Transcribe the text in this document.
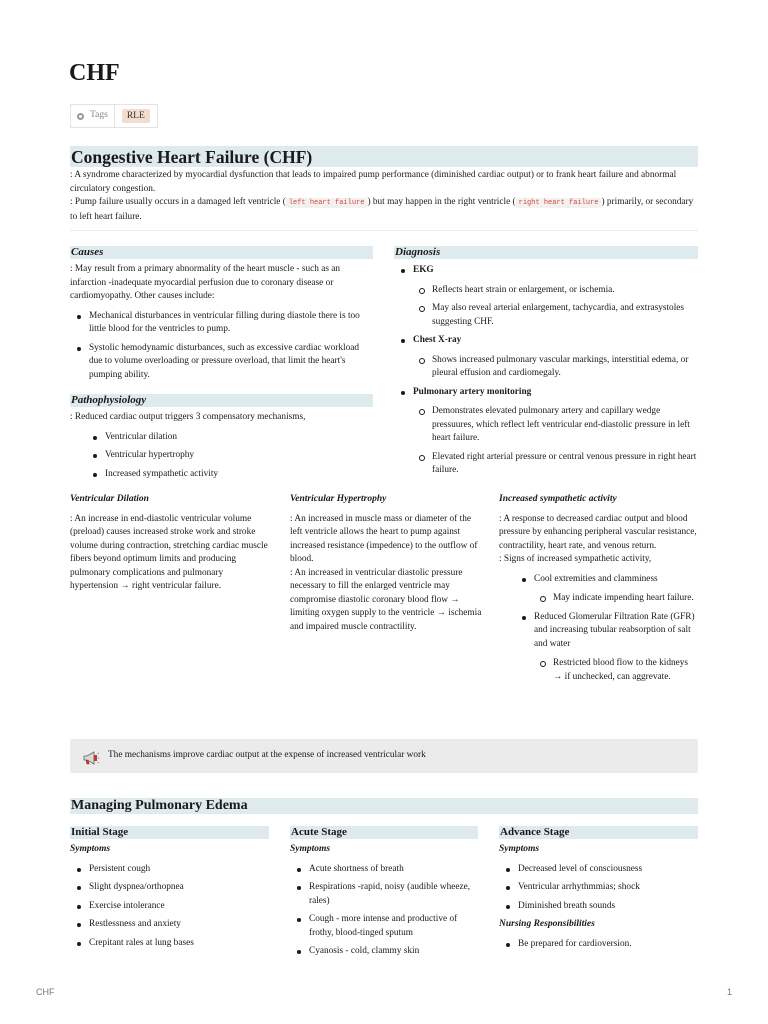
CHF
Tags	RLE
Congestive Heart Failure (CHF)
: A syndrome characterized by myocardial dysfunction that leads to impaired pump performance (diminished cardiac output) or to frank heart failure and abnormal circulatory congestion.
: Pump failure usually occurs in a damaged left ventricle ( left heart failure ) but may happen in the right ventricle ( right heart failure ) primarily, or secondary to left heart failure.
Causes
: May result from a primary abnormality of the heart muscle - such as an infarction -inadequate myocardial perfusion due to coronary disease or cardiomyopathy. Other causes include:
Mechanical disturbances in ventricular filling during diastole there is too little blood for the ventricles to pump.
Systolic hemodynamic disturbances, such as excessive cardiac workload due to volume overloading or pressure overload, that limit the heart's pumping ability.
Pathophysiology
: Reduced cardiac output triggers 3 compensatory mechanisms,
Ventricular dilation
Ventricular hypertrophy
Increased sympathetic activity
Diagnosis
EKG
Reflects heart strain or enlargement, or ischemia.
May also reveal arterial enlargement, tachycardia, and extrasystoles suggesting CHF.
Chest X-ray
Shows increased pulmonary vascular markings, interstitial edema, or pleural effusion and cardiomegaly.
Pulmonary artery monitoring
Demonstrates elevated pulmonary artery and capillary wedge pressuures, which reflect left ventricular end-diastolic pressure in left heart failure.
Elevated right arterial pressure or central venous pressure in right heart failure.
Ventricular Dilation
: An increase in end-diastolic ventricular volume (preload) causes increased stroke work and stroke volume during contraction, stretching cardiac muscle fibers beyond optimum limits and producing pulmonary complications and pulmonary hypertension → right ventricular failure.
Ventricular Hypertrophy
: An increased in muscle mass or diameter of the left ventricle allows the heart to pump against increased resistance (impedence) to the outflow of blood.
: An increased in ventricular diastolic pressure necessary to fill the enlarged ventricle may compromise diastolic coronary blood flow → limiting oxygen supply to the ventricle → ischemia and impaired muscle contractility.
Increased sympathetic activity
: A response to decreased cardiac output and blood pressure by enhancing peripheral vascular resistance, contractility, heart rate, and venous return.
: Signs of increased sympathetic activity,
Cool extremities and clamminess
May indicate impending heart failure.
Reduced Glomerular Filtration Rate (GFR) and increasing tubular reabsorption of salt and water
Restricted blood flow to the kidneys → if unchecked, can aggrevate.
The mechanisms improve cardiac output at the expense of increased ventricular work
Managing Pulmonary Edema
Initial Stage
Symptoms
Persistent cough
Slight dyspnea/orthopnea
Exercise intolerance
Restlessness and anxiety
Crepitant rales at lung bases
Acute Stage
Symptoms
Acute shortness of breath
Respirations -rapid, noisy (audible wheeze, rales)
Cough - more intense and productive of frothy, blood-tinged sputum
Cyanosis - cold, clammy skin
Advance Stage
Symptoms
Decreased level of consciousness
Ventricular arrhythmmias; shock
Diminished breath sounds
Nursing Responsibilities
Be prepared for cardioversion.
CHF	1
